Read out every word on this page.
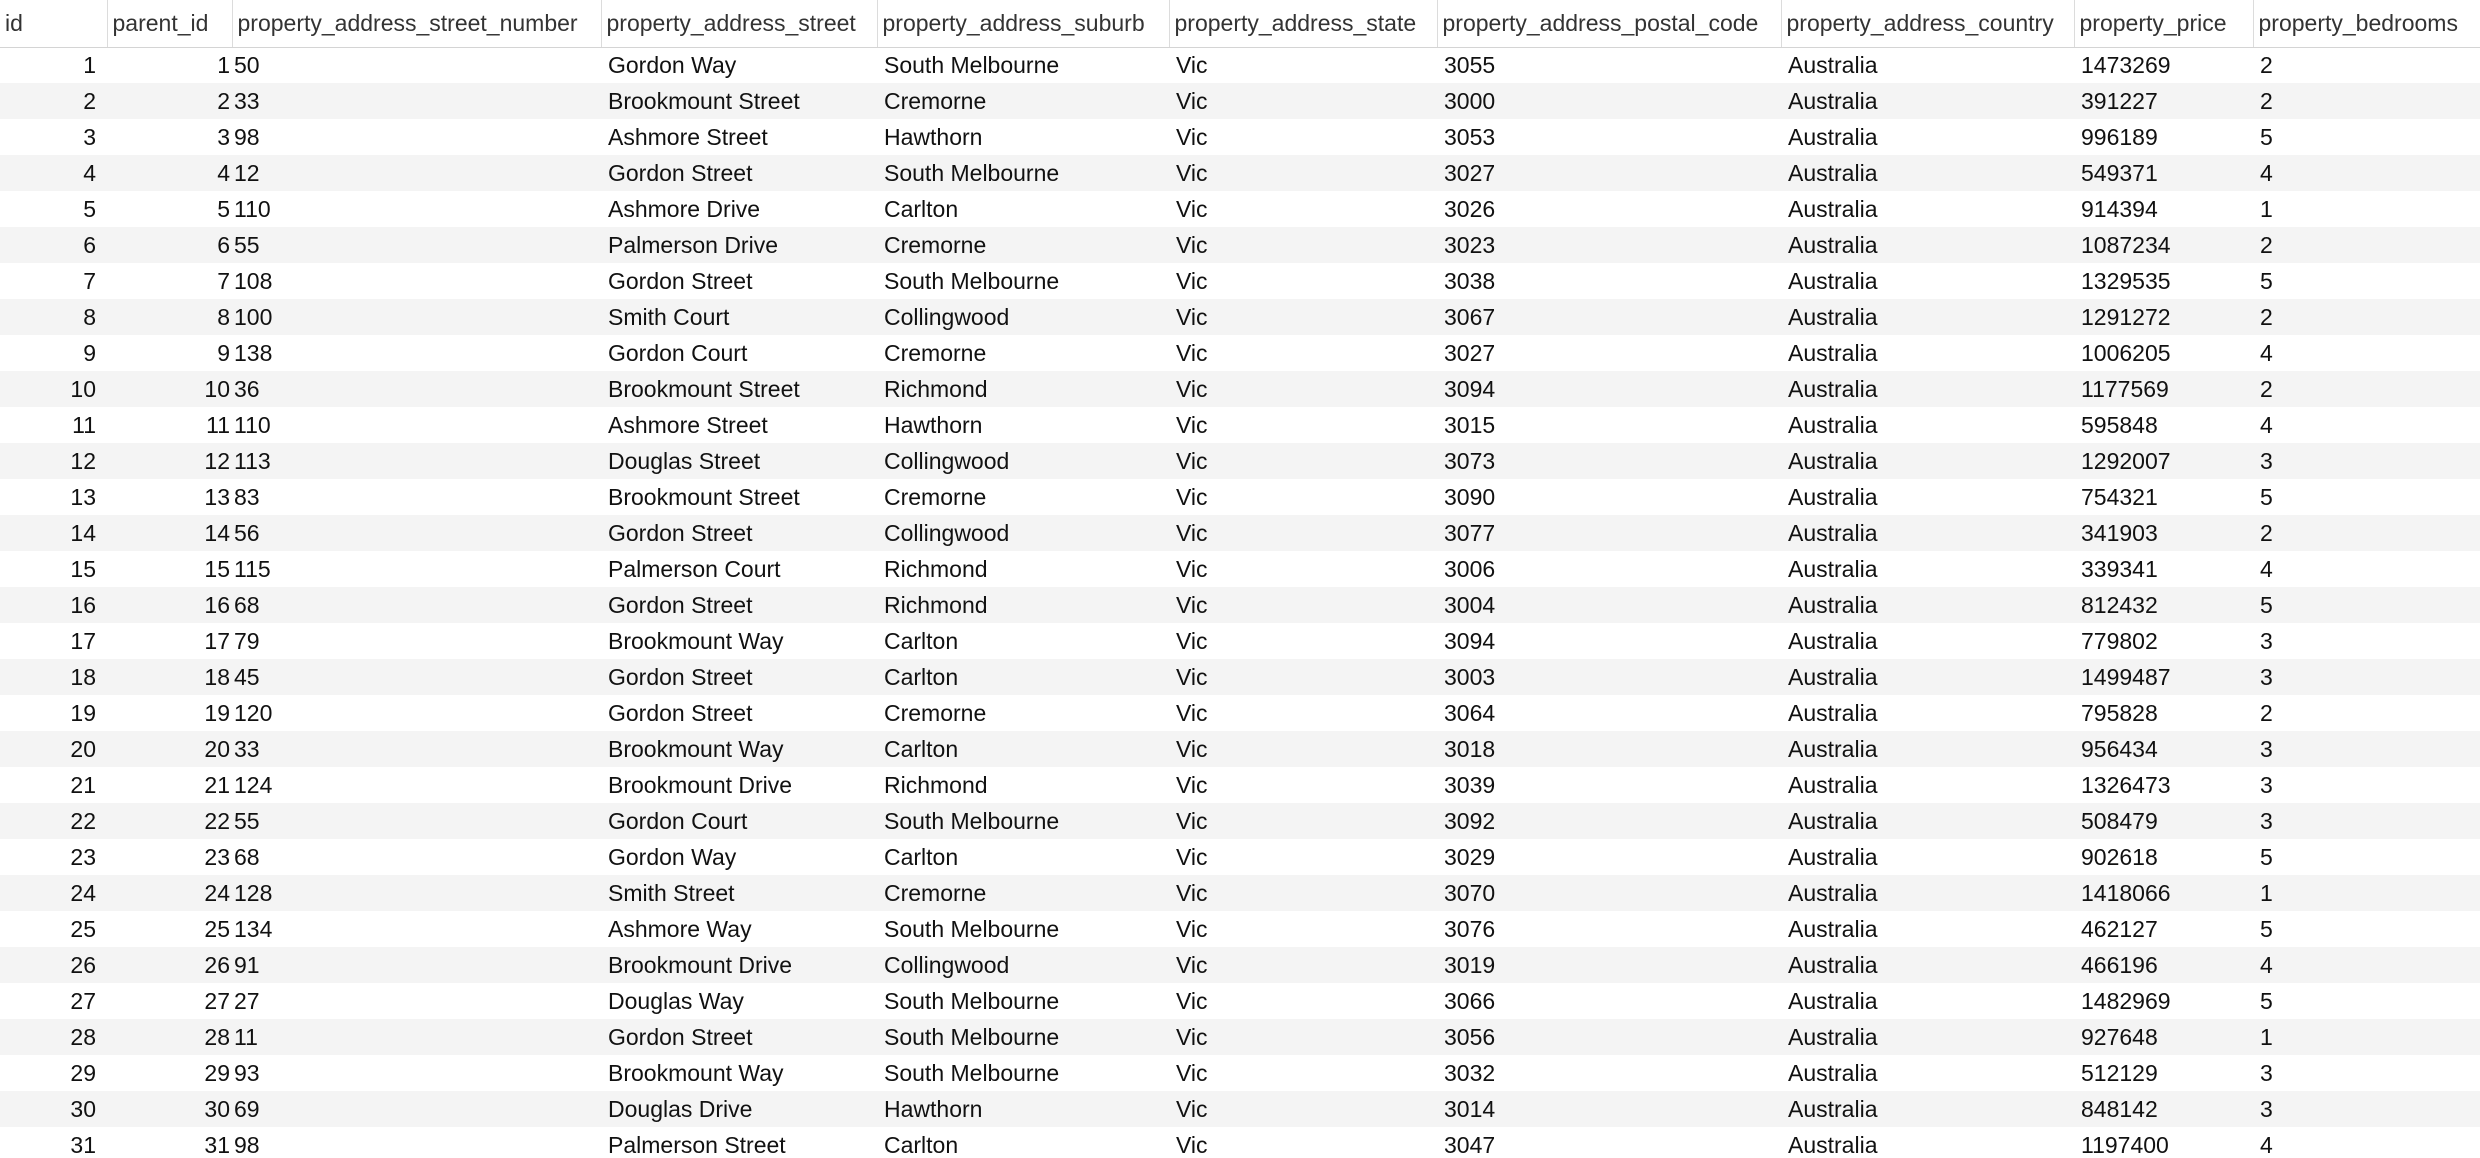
id	parent_id	property_address_street_number	property_address_street	property_address_suburb	property_address_state	property_address_postal_code	property_address_country	property_price	property_bedrooms
1	1	50	Gordon Way	South Melbourne	Vic	3055	Australia	1473269	2
2	2	33	Brookmount Street	Cremorne	Vic	3000	Australia	391227	2
3	3	98	Ashmore Street	Hawthorn	Vic	3053	Australia	996189	5
4	4	12	Gordon Street	South Melbourne	Vic	3027	Australia	549371	4
5	5	110	Ashmore Drive	Carlton	Vic	3026	Australia	914394	1
6	6	55	Palmerson Drive	Cremorne	Vic	3023	Australia	1087234	2
7	7	108	Gordon Street	South Melbourne	Vic	3038	Australia	1329535	5
8	8	100	Smith Court	Collingwood	Vic	3067	Australia	1291272	2
9	9	138	Gordon Court	Cremorne	Vic	3027	Australia	1006205	4
10	10	36	Brookmount Street	Richmond	Vic	3094	Australia	1177569	2
11	11	110	Ashmore Street	Hawthorn	Vic	3015	Australia	595848	4
12	12	113	Douglas Street	Collingwood	Vic	3073	Australia	1292007	3
13	13	83	Brookmount Street	Cremorne	Vic	3090	Australia	754321	5
14	14	56	Gordon Street	Collingwood	Vic	3077	Australia	341903	2
15	15	115	Palmerson Court	Richmond	Vic	3006	Australia	339341	4
16	16	68	Gordon Street	Richmond	Vic	3004	Australia	812432	5
17	17	79	Brookmount Way	Carlton	Vic	3094	Australia	779802	3
18	18	45	Gordon Street	Carlton	Vic	3003	Australia	1499487	3
19	19	120	Gordon Street	Cremorne	Vic	3064	Australia	795828	2
20	20	33	Brookmount Way	Carlton	Vic	3018	Australia	956434	3
21	21	124	Brookmount Drive	Richmond	Vic	3039	Australia	1326473	3
22	22	55	Gordon Court	South Melbourne	Vic	3092	Australia	508479	3
23	23	68	Gordon Way	Carlton	Vic	3029	Australia	902618	5
24	24	128	Smith Street	Cremorne	Vic	3070	Australia	1418066	1
25	25	134	Ashmore Way	South Melbourne	Vic	3076	Australia	462127	5
26	26	91	Brookmount Drive	Collingwood	Vic	3019	Australia	466196	4
27	27	27	Douglas Way	South Melbourne	Vic	3066	Australia	1482969	5
28	28	11	Gordon Street	South Melbourne	Vic	3056	Australia	927648	1
29	29	93	Brookmount Way	South Melbourne	Vic	3032	Australia	512129	3
30	30	69	Douglas Drive	Hawthorn	Vic	3014	Australia	848142	3
31	31	98	Palmerson Street	Carlton	Vic	3047	Australia	1197400	4
